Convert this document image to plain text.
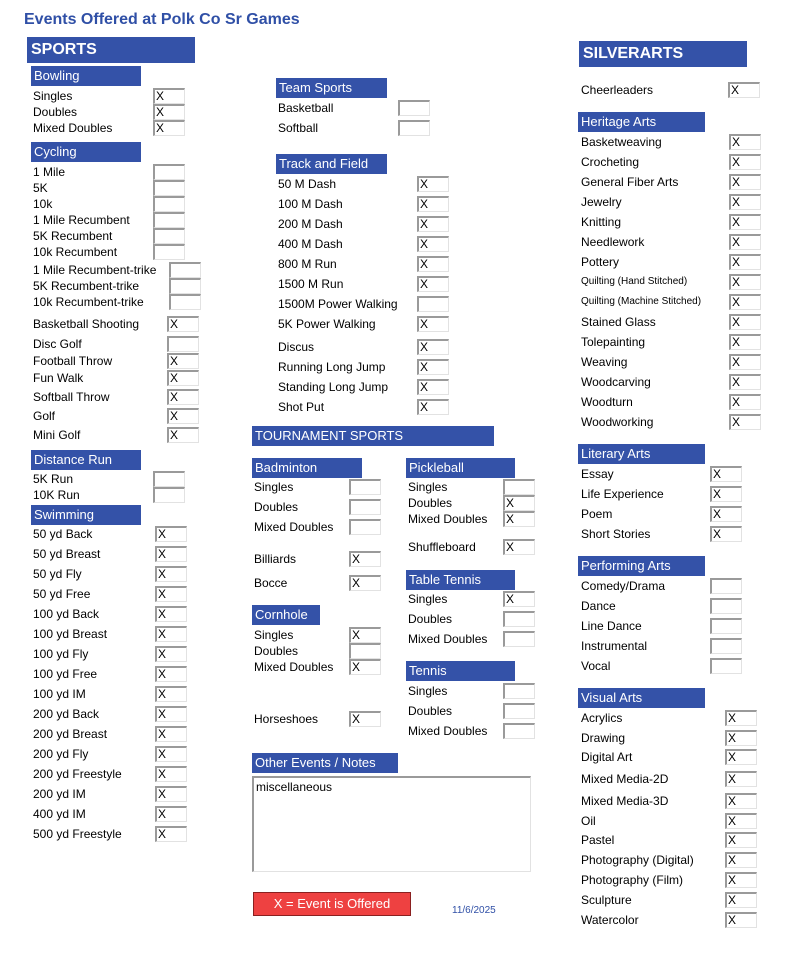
Events Offered at Polk Co Sr Games
SPORTS	SILVERARTS
Bowling
Cycling
Distance Run
Swimming
Team Sports
Track and Field
TOURNAMENT SPORTS
Badminton	Pickleball
Table Tennis
Cornhole
Tennis
Other Events / Notes
Heritage Arts
Literary Arts
Performing Arts
Visual Arts
Singles	X
Doubles	X
Mixed Doubles	X
1 Mile
5K
10k
1 Mile Recumbent
5K Recumbent
10k Recumbent
1 Mile Recumbent-trike
5K Recumbent-trike
10k Recumbent-trike
Basketball Shooting	X
Disc Golf
Football Throw	X
Fun Walk	X
Softball Throw	X
Golf	X
Mini Golf	X
5K Run
10K Run
50 yd Back	X
50 yd Breast	X
50 yd Fly	X
50 yd Free	X
100 yd Back	X
100 yd Breast	X
100 yd Fly	X
100 yd Free	X
100 yd IM	X
200 yd Back	X
200 yd Breast	X
200 yd Fly	X
200 yd Freestyle	X
200 yd IM	X
400 yd IM	X
500 yd Freestyle	X
Basketball
Softball
50 M Dash	X
100 M Dash	X
200 M Dash	X
400 M Dash	X
800 M Run	X
1500 M Run	X
1500M Power Walking
5K Power Walking	X
Discus	X
Running Long Jump	X
Standing Long Jump	X
Shot Put	X
Singles
Doubles
Mixed Doubles
Billiards	X
Bocce	X
Singles	X
Doubles
Mixed Doubles X
Horseshoes	X
Singles
Doubles	X
Mixed Doubles X
Shuffleboard	X
Singles	X
Doubles
Mixed Doubles
Singles
Doubles
Mixed Doubles
Cheerleaders	X
Basketweaving	X
Crocheting	X
General Fiber Arts	X
Jewelry	X
Knitting	X
Needlework	X
Pottery	X
Quilting (Hand Stitched)	X
Quilting (Machine Stitched)	X
Stained Glass	X
Tolepainting	X
Weaving	X
Woodcarving	X
Woodturn	X
Woodworking	X
Essay	X
Life Experience	X
Poem	X
Short Stories	X
Comedy/Drama
Dance
Line Dance
Instrumental
Vocal
Acrylics	X
Drawing	X
Digital Art	X
Mixed Media-2D	X
Mixed Media-3D	X
Oil	X
Pastel	X
Photography (Digital)	X
Photography (Film)	X
Sculpture	X
Watercolor	X
miscellaneous
X = Event is Offered	11/6/2025
